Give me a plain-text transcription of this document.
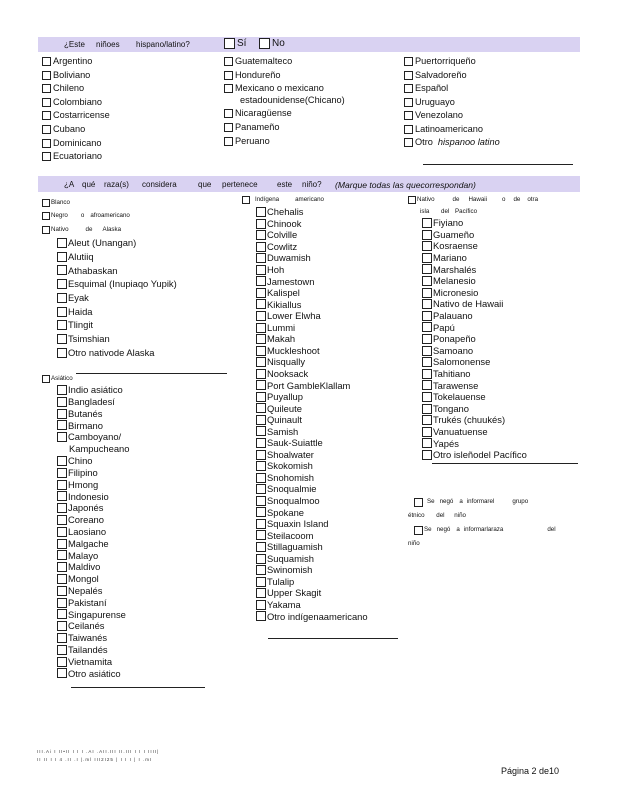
¿Este niñoes hispano/latino?	Sí	No
Argentino
Boliviano
Chileno
Colombiano
Costarricense
Cubano
Dominicano
Ecuatoriano
Guatemalteco
Hondureño
Mexicano o mexicano
Nicaragüense
Panameño
Peruano
estadounidense(Chicano)
Puertorriqueño
Salvadoreño
Español
Uruguayo
Venezolano
Latinoamericano
Otro hispanoo latino
¿A qué raza(s) considera	que pertenece este niño? (Marque todas las quecorrespondan)
Blanco
Negro o afroamericano
Nativo	de Alaska
Aleut (Unangan)
Alutiiq
Athabaskan
Esquimal (Inupiaqo Yupik)
Eyak
Haida
Tlingit
Tsimshian
Otro nativode Alaska
Asiático
Indio asiático
Bangladesí
Butanés
Birmano
Camboyano/
Chino
Filipino
Hmong
Indonesio
Japonés
Coreano
Laosiano
Malgache
Malayo
Maldivo
Mongol
Nepalés
Pakistaní
Singapurense
Ceilanés
Taiwanés
Tailandés
Vietnamita
Otro asiático
Kampucheano
Indígena	americano
Chehalis
Chinook
Colville
Cowlitz
Duwamish
Hoh
Jamestown
Kalispel
Kikiallus
Lower Elwha
Lummi
Makah
Muckleshoot
Nisqually
Nooksack
Port GambleKlallam
Puyallup
Quileute
Quinault
Samish
Sauk-Suiattle
Shoalwater
Skokomish
Snohomish
Snoqualmie
Snoqualmoo
Spokane
Squaxin Island
Steilacoom
Stillaguamish
Suquamish
Swinomish
Tulalip
Upper Skagit
Yakama
Otro indígenaamericano
Nativo	de Hawaii o de otra
isla del Pacífico
Fiyiano
Guameño
Kosraense
Mariano
Marshalés
Melanesio
Micronesio
Nativo de Hawaii
Palauano
Papú
Ponapeño
Samoano
Salomonense
Tahitiano
Tarawense
Tokelauense
Tongano
Trukés (chuukés)
Vanuatuense
Yapés
Otro isleñodel Pacífico
Se negó a informarel	grupo
étnico del niño
Se negó a informarlaraza	del
niño
III.Ai I II•II I I I .AI .AII.III II.III I I I IIII|
II II I I 4 .II .I |.ml III2I25 | I I I | I .mI
Página 2 de10
